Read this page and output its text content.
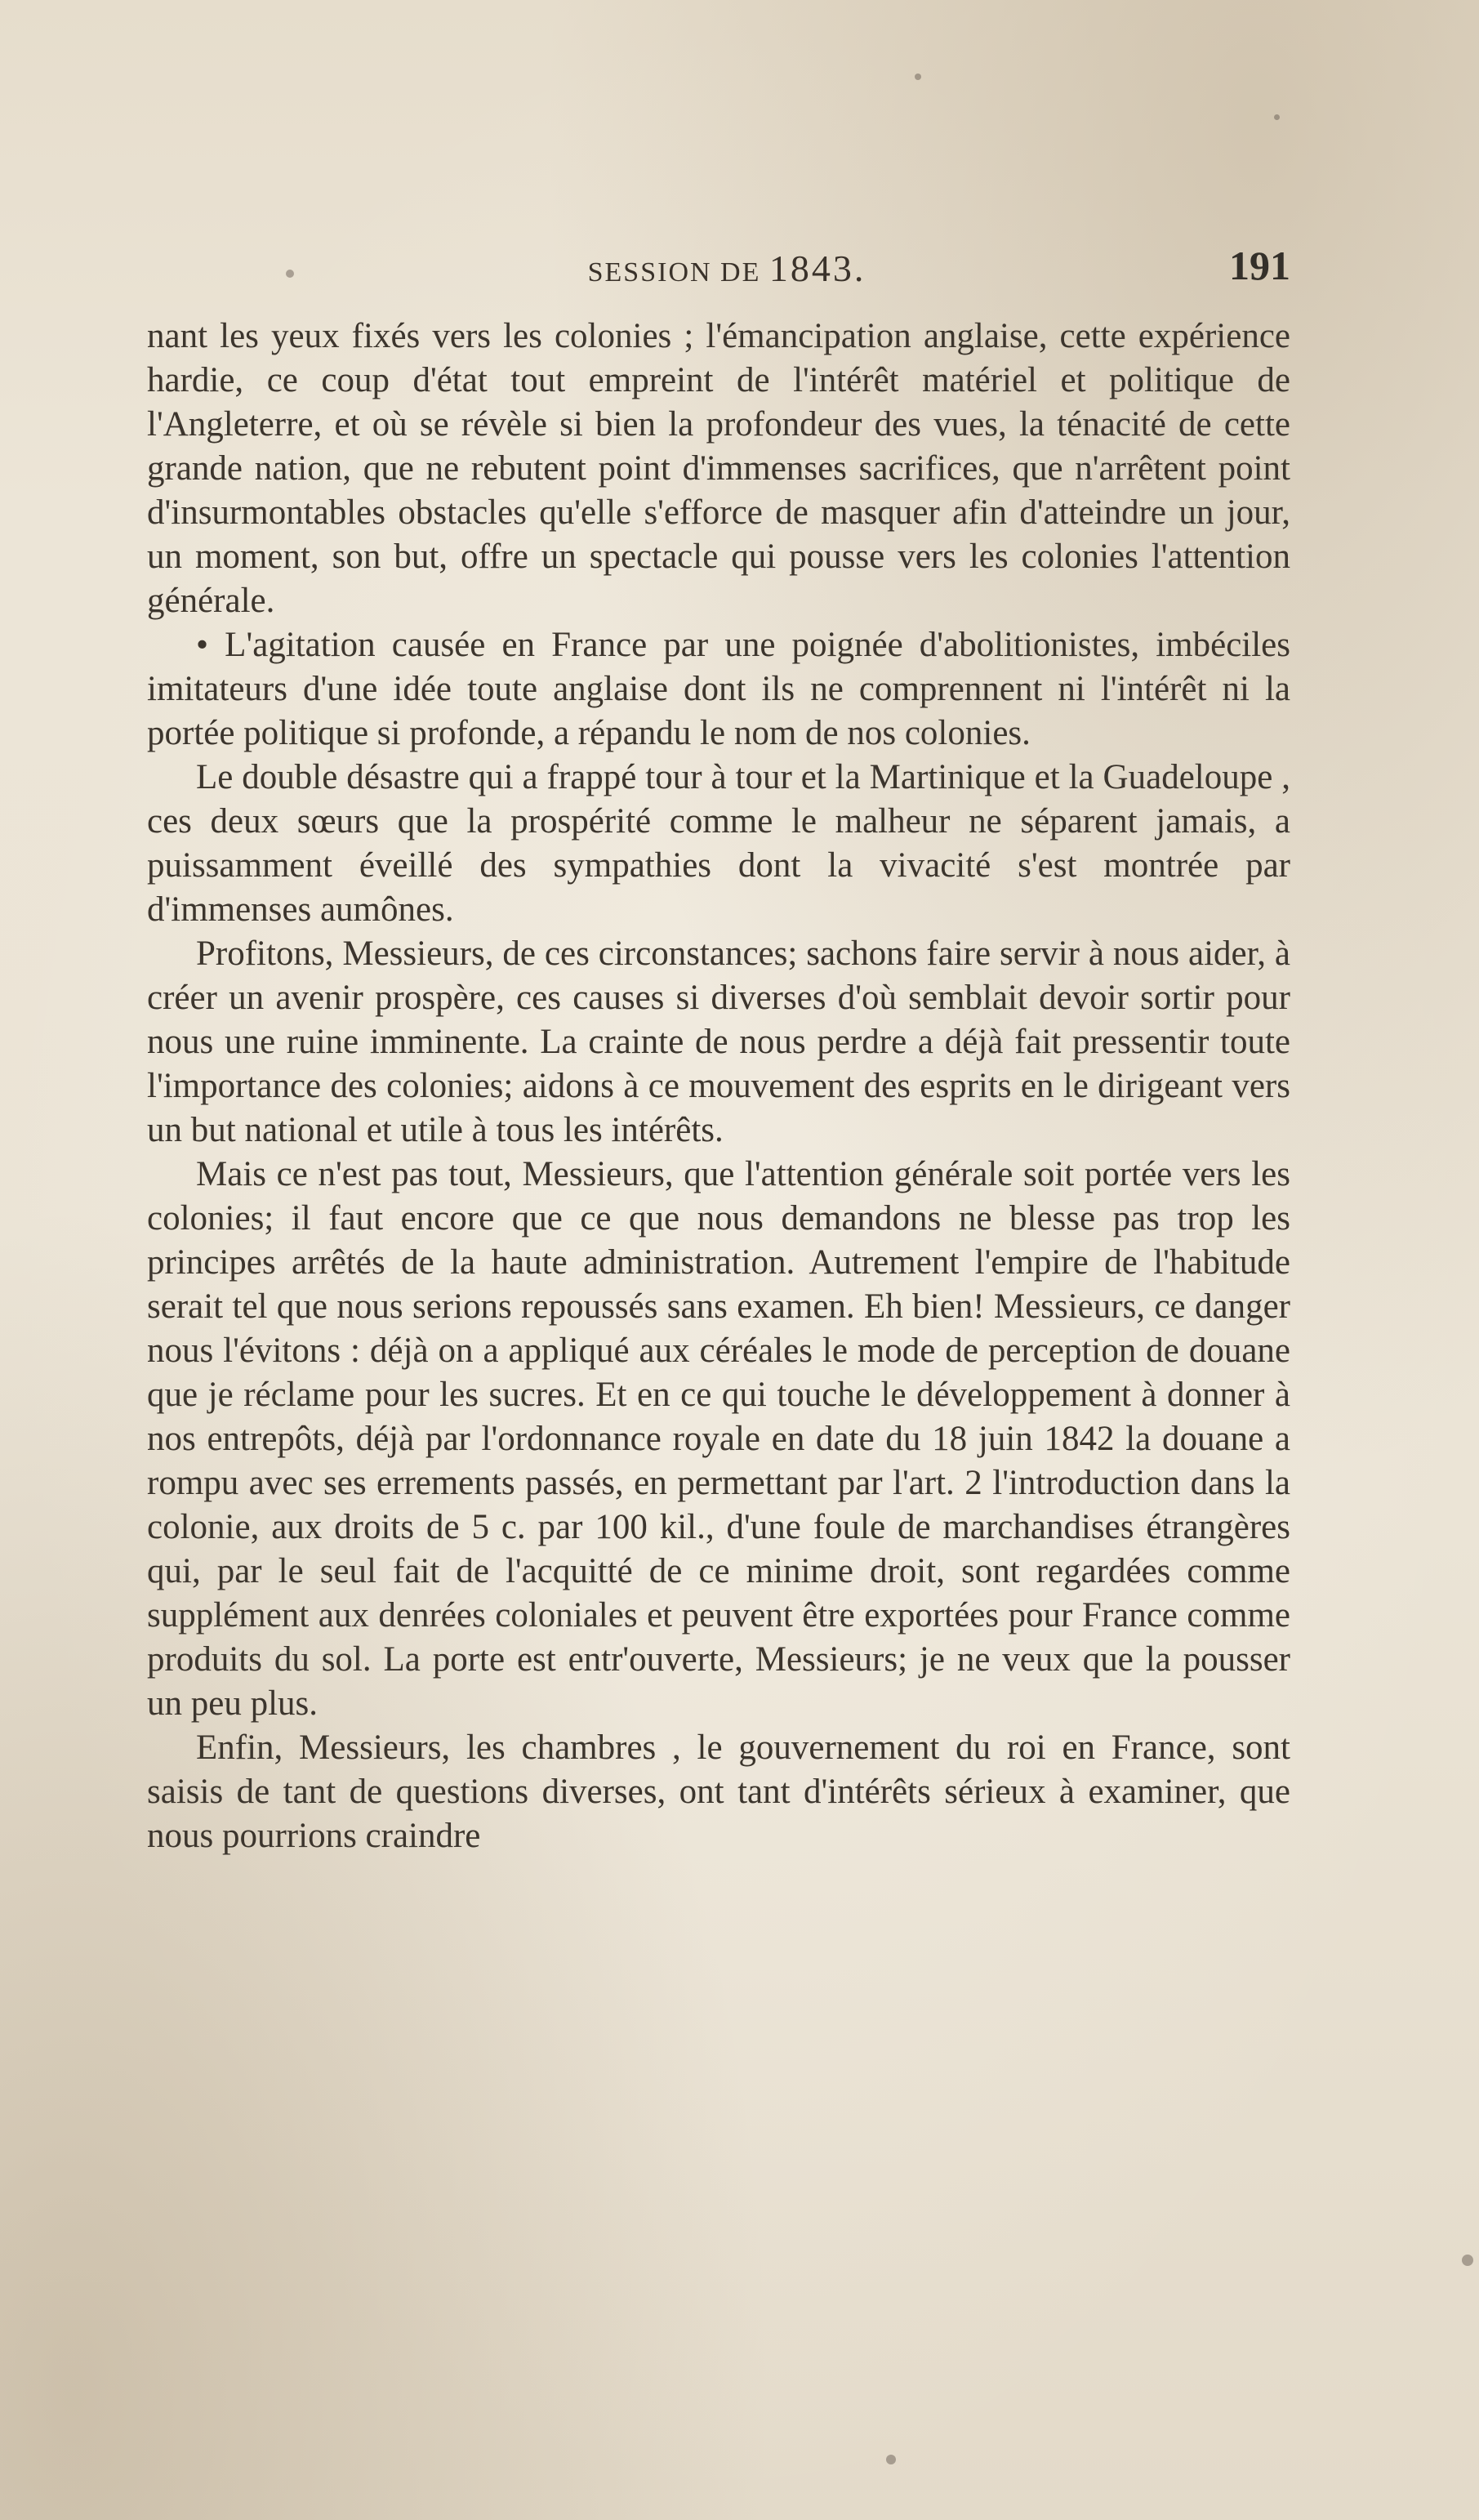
SESSION DE 1843.	191

nant les yeux fixés vers les colonies ; l'émancipation anglaise, cette expérience hardie, ce coup d'état tout empreint de l'intérêt matériel et politique de l'Angleterre, et où se révèle si bien la profondeur des vues, la ténacité de cette grande nation, que ne rebutent point d'immenses sacrifices, que n'arrêtent point d'insurmontables obstacles qu'elle s'efforce de masquer afin d'atteindre un jour, un moment, son but, offre un spectacle qui pousse vers les colonies l'attention générale.

• L'agitation causée en France par une poignée d'abolitionistes, imbéciles imitateurs d'une idée toute anglaise dont ils ne comprennent ni l'intérêt ni la portée politique si profonde, a répandu le nom de nos colonies.

Le double désastre qui a frappé tour à tour et la Martinique et la Guadeloupe , ces deux sœurs que la prospérité comme le malheur ne séparent jamais, a puissamment éveillé des sympathies dont la vivacité s'est montrée par d'immenses aumônes.

Profitons, Messieurs, de ces circonstances; sachons faire servir à nous aider, à créer un avenir prospère, ces causes si diverses d'où semblait devoir sortir pour nous une ruine imminente. La crainte de nous perdre a déjà fait pressentir toute l'importance des colonies; aidons à ce mouvement des esprits en le dirigeant vers un but national et utile à tous les intérêts.

Mais ce n'est pas tout, Messieurs, que l'attention générale soit portée vers les colonies; il faut encore que ce que nous demandons ne blesse pas trop les principes arrêtés de la haute administration. Autrement l'empire de l'habitude serait tel que nous serions repoussés sans examen. Eh bien! Messieurs, ce danger nous l'évitons : déjà on a appliqué aux céréales le mode de perception de douane que je réclame pour les sucres. Et en ce qui touche le développement à donner à nos entrepôts, déjà par l'ordonnance royale en date du 18 juin 1842 la douane a rompu avec ses errements passés, en permettant par l'art. 2 l'introduction dans la colonie, aux droits de 5 c. par 100 kil., d'une foule de marchandises étrangères qui, par le seul fait de l'acquitté de ce minime droit, sont regardées comme supplément aux denrées coloniales et peuvent être exportées pour France comme produits du sol. La porte est entr'ouverte, Messieurs; je ne veux que la pousser un peu plus.

Enfin, Messieurs, les chambres , le gouvernement du roi en France, sont saisis de tant de questions diverses, ont tant d'intérêts sérieux à examiner, que nous pourrions craindre
